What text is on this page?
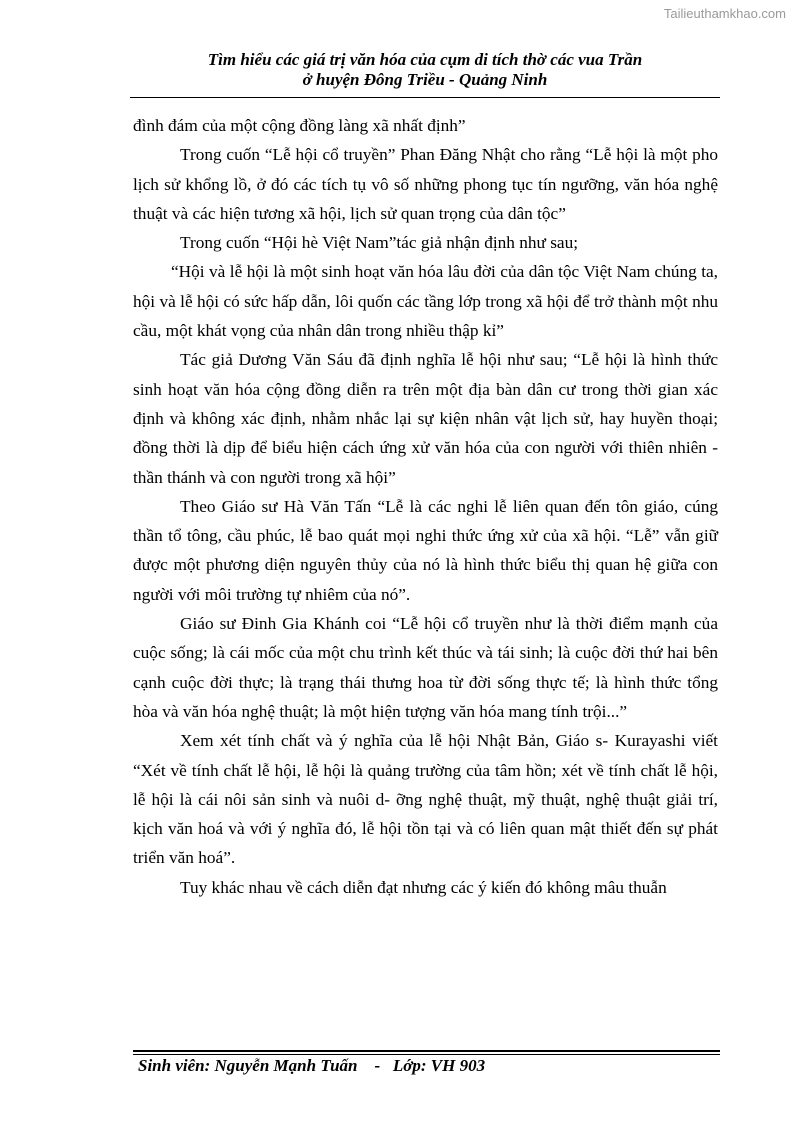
Tailieuthamkhao.com
Tìm hiểu các giá trị văn hóa của cụm di tích thờ các vua Trần
ở huyện Đông Triều - Quảng Ninh

đình đám của một cộng đồng làng xã nhất định”

Trong cuốn “Lễ hội cổ truyền” Phan Đăng Nhật cho rằng “Lễ hội là một pho lịch sử khổng lồ, ở đó các tích tụ vô số những phong tục tín ngưỡng, văn hóa nghệ thuật và các hiện tương xã hội, lịch sử quan trọng của dân tộc”

Trong cuốn “Hội hè Việt Nam”tác giả nhận định như sau;

“Hội và lễ hội là một sinh hoạt văn hóa lâu đời của dân tộc Việt Nam chúng ta, hội và lễ hội có sức hấp dẫn, lôi quốn các tầng lớp trong xã hội để trở thành một nhu cầu, một khát vọng của nhân dân trong nhiều thập kỉ”

Tác giả Dương Văn Sáu đã định nghĩa lễ hội như sau; “Lễ hội là hình thức sinh hoạt văn hóa cộng đồng diễn ra trên một địa bàn dân cư trong thời gian xác định và không xác định, nhằm nhắc lại sự kiện nhân vật lịch sử, hay huyền thoại; đồng thời là dịp để biểu hiện cách ứng xử văn hóa của con người với thiên nhiên - thần thánh và con người trong xã hội”

Theo Giáo sư Hà Văn Tấn “Lễ là các nghi lễ liên quan đến tôn giáo, cúng thần tổ tông, cầu phúc, lễ bao quát mọi nghi thức ứng xử của xã hội. “Lễ” vẫn giữ được một phương diện nguyên thủy của nó là hình thức biểu thị quan hệ giữa con người với môi trường tự nhiêm của nó”.

Giáo sư Đinh Gia Khánh coi “Lễ hội cổ truyền như là thời điểm mạnh của cuộc sống; là cái mốc của một chu trình kết thúc và tái sinh; là cuộc đời thứ hai bên cạnh cuộc đời thực; là trạng thái thưng hoa từ đời sống thực tế; là hình thức tổng hòa và văn hóa nghệ thuật; là một hiện tượng văn hóa mang tính trội...”

Xem xét tính chất và ý nghĩa của lễ hội Nhật Bản, Giáo s- Kurayashi viết “Xét về tính chất lễ hội, lễ hội là quảng trường của tâm hồn; xét về tính chất lễ hội, lễ hội là cái nôi sản sinh và nuôi d- ỡng nghệ thuật, mỹ thuật, nghệ thuật giải trí, kịch văn hoá và với ý nghĩa đó, lễ hội tồn tại và có liên quan mật thiết đến sự phát triển văn hoá”.

Tuy khác nhau về cách diễn đạt nhưng các ý kiến đó không mâu thuẫn

Sinh viên: Nguyễn Mạnh Tuấn    -   Lớp: VH 903
